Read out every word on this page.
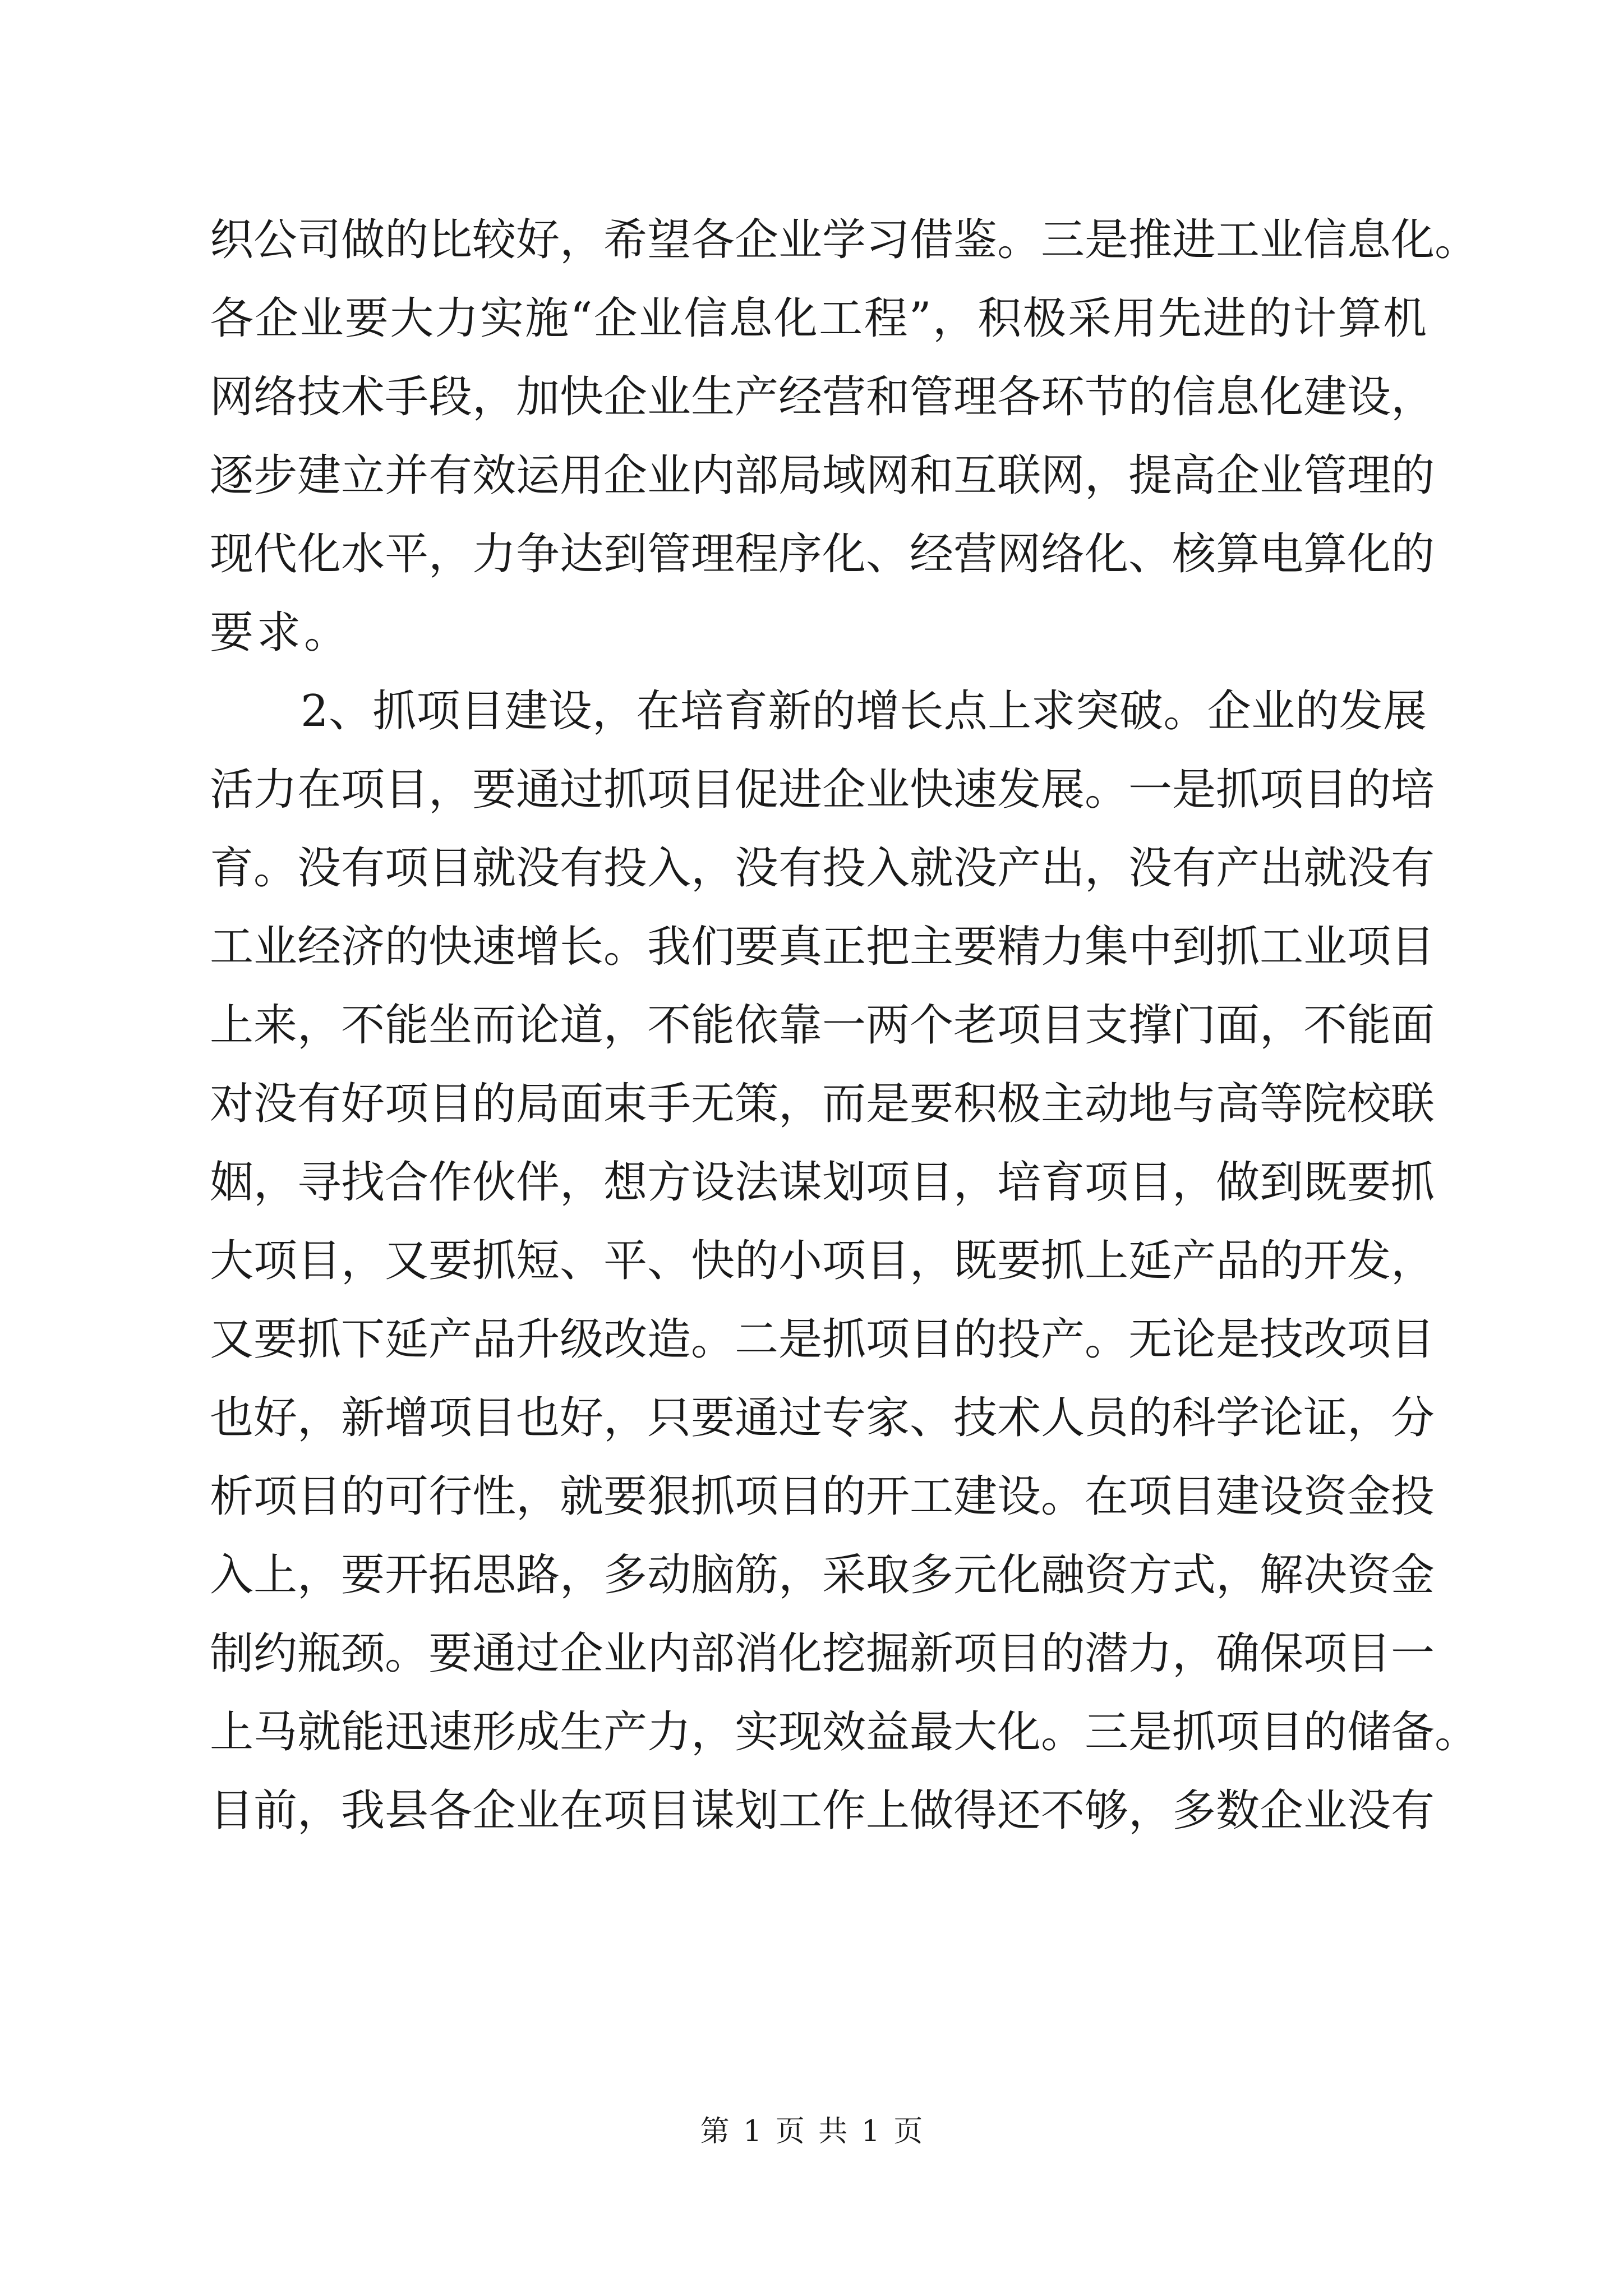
织公司做的比较好，希望各企业学习借鉴。三是推进工业信息化。
各企业要大力实施“企业信息化工程”，积极采用先进的计算机
网络技术手段，加快企业生产经营和管理各环节的信息化建设，
逐步建立并有效运用企业内部局域网和互联网，提高企业管理的
现代化水平，力争达到管理程序化、经营网络化、核算电算化的
要求。
2、抓项目建设，在培育新的增长点上求突破。企业的发展
活力在项目，要通过抓项目促进企业快速发展。一是抓项目的培
育。没有项目就没有投入，没有投入就没产出，没有产出就没有
工业经济的快速增长。我们要真正把主要精力集中到抓工业项目
上来，不能坐而论道，不能依靠一两个老项目支撑门面，不能面
对没有好项目的局面束手无策，而是要积极主动地与高等院校联
姻，寻找合作伙伴，想方设法谋划项目，培育项目，做到既要抓
大项目，又要抓短、平、快的小项目，既要抓上延产品的开发，
又要抓下延产品升级改造。二是抓项目的投产。无论是技改项目
也好，新增项目也好，只要通过专家、技术人员的科学论证，分
析项目的可行性，就要狠抓项目的开工建设。在项目建设资金投
入上，要开拓思路，多动脑筋，采取多元化融资方式，解决资金
制约瓶颈。要通过企业内部消化挖掘新项目的潜力，确保项目一
上马就能迅速形成生产力，实现效益最大化。三是抓项目的储备。
目前，我县各企业在项目谋划工作上做得还不够，多数企业没有
第 1 页 共 1 页
